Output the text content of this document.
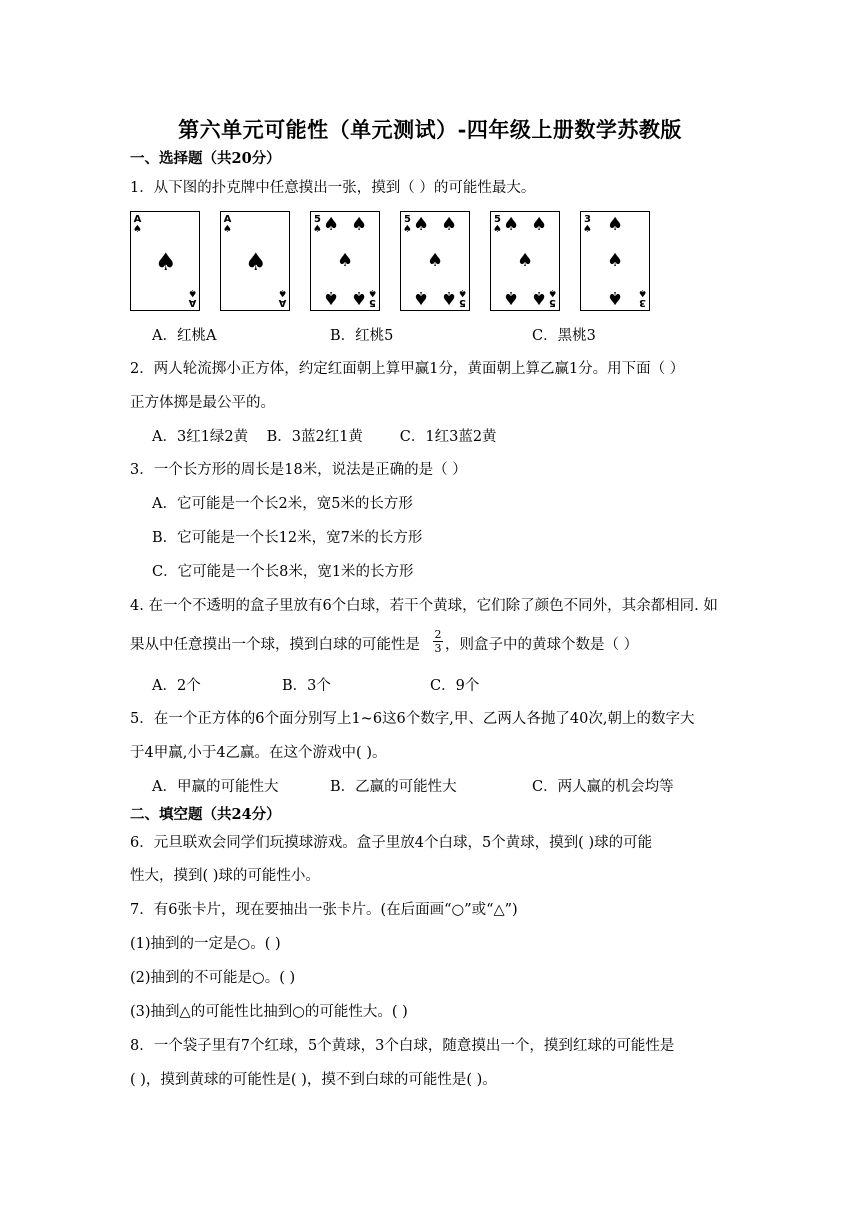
第六单元可能性（单元测试）-四年级上册数学苏教版
一、选择题（共20分）
1．从下图的扑克牌中任意摸出一张，摸到（ ）的可能性最大。
A
♠
♠
A
♠
A
♠
♠
A
♠
5
♠ ♠ ♠
♠
♠ ♠ 5
♠
5
♠ ♠ ♠
♠
♠ ♠ 5
♠
5
♠ ♠ ♠
♠
♠ ♠ 5
♠
3
♠ ♠
♠
♠ 3
♠
A．红桃A	B．红桃5	C．黑桃3
2．两人轮流掷小正方体，约定红面朝上算甲赢1分，黄面朝上算乙赢1分。用下面（ ）
正方体掷是最公平的。
A．3红1绿2黄    B．3蓝2红1黄        C．1红3蓝2黄
3．一个长方形的周长是18米，说法是正确的是（ ）
A．它可能是一个长2米，宽5米的长方形
B．它可能是一个长12米，宽7米的长方形
C．它可能是一个长8米，宽1米的长方形
4. 在一个不透明的盒子里放有6个白球，若干个黄球，它们除了颜色不同外，其余都相同. 如
果从中任意摸出一个球，摸到白球的可能性是
2
3 ，则盒子中的黄球个数是（ ）
A．2个	B．3个	C．9个
5．在一个正方体的6个面分别写上1~6这6个数字,甲、乙两人各抛了40次,朝上的数字大
于4甲赢,小于4乙赢。在这个游戏中( )。
A．甲赢的可能性大	B．乙赢的可能性大	C．两人赢的机会均等
二、填空题（共24分）
6．元旦联欢会同学们玩摸球游戏。盒子里放4个白球，5个黄球，摸到( )球的可能
性大，摸到( )球的可能性小。
7．有6张卡片，现在要抽出一张卡片。(在后面画“○”或“△”)
(1)抽到的一定是○。( )
(2)抽到的不可能是○。( )
(3)抽到△的可能性比抽到○的可能性大。( )
8．一个袋子里有7个红球，5个黄球，3个白球，随意摸出一个，摸到红球的可能性是
( )，摸到黄球的可能性是( )，摸不到白球的可能性是( )。
